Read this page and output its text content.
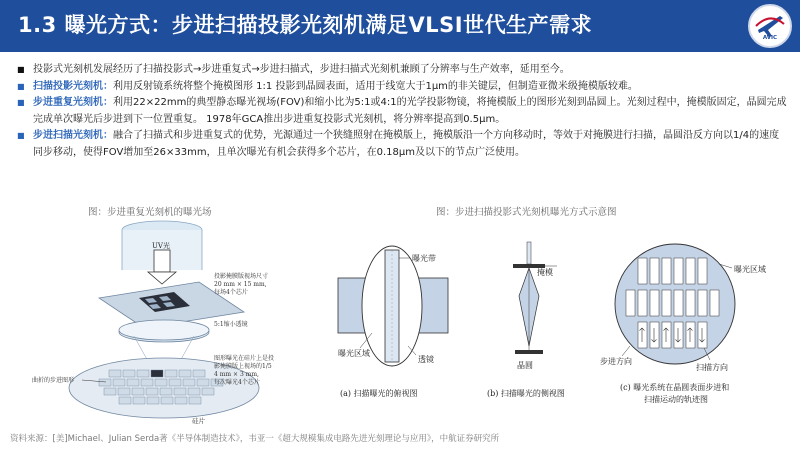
1.3 曝光方式：步进扫描投影光刻机满足VLSI世代生产需求
AVIC
■ 投影式光刻机发展经历了扫描投影式→步进重复式→步进扫描式，步进扫描式光刻机兼顾了分辨率与生产效率，延用至今。
■ 扫描投影光刻机：利用反射镜系统将整个掩模图形 1:1 投影到晶圆表面，适用于线宽大于1μm的非关键层，但制造亚微米级掩模版较难。
■ 步进重复光刻机：利用22×22mm的典型静态曝光视场(FOV)和缩小比为5:1或4:1的光学投影物镜，将掩模版上的图形光刻到晶圆上。光刻过程中，掩模版固定，晶圆完成完成单次曝光后步进到下一位置重复。 1978年GCA推出步进重复投影式光刻机，将分辨率提高到0.5μm。
■ 步进扫描光刻机：融合了扫描式和步进重复式的优势，光源通过一个狭缝照射在掩模版上，掩模版沿一个方向移动时，等效于对掩膜进行扫描，晶圆沿反方向以1/4的速度同步移动，使得FOV增加至26×33mm，且单次曝光有机会获得多个芯片，在0.18μm及以下的节点广泛使用。
图：步进重复光刻机的曝光场	图：步进扫描投影式光刻机曝光方式示意图
UV光
投影掩膜版视场尺寸
20 mm × 15 mm,
每场4个芯片
5:1缩小透镜
图形曝光在硅片上是投
影掩膜版上视场的1/5
4 mm × 3 mm,
每次曝光4个芯片
曲折的步进图形
硅片
曝光带
曝光区域
透镜
(a) 扫描曝光的俯视图
掩模
晶圆
(b) 扫描曝光的侧视图
曝光区域
步进方向
扫描方向
(c) 曝光系统在晶圆表面步进和
扫描运动的轨迹图
资料来源：[美]Michael、Julian Serda著《半导体制造技术》，韦亚一《超大规模集成电路先进光刻理论与应用》，中航证券研究所
